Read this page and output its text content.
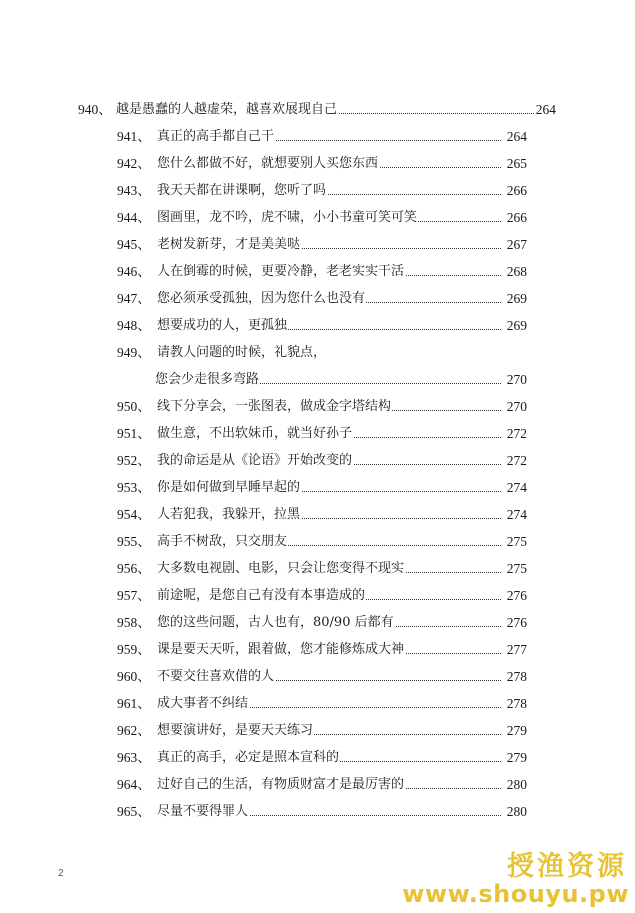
940、 越是愚蠢的人越虚荣，越喜欢展现自己	264
941、 真正的高手都自己干	264
942、 您什么都做不好，就想要别人买您东西	265
943、 我天天都在讲课啊，您听了吗	266
944、 图画里，龙不吟，虎不啸，小小书童可笑可笑	266
945、 老树发新芽，才是美美哒	267
946、 人在倒霉的时候，更要冷静，老老实实干活	268
947、 您必须承受孤独，因为您什么也没有	269
948、 想要成功的人，更孤独	269
949、 请教人问题的时候，礼貌点，
您会少走很多弯路	270
950、 线下分享会，一张图表，做成金字塔结构	270
951、 做生意，不出软妹币，就当好孙子	272
952、 我的命运是从《论语》开始改变的	272
953、 你是如何做到早睡早起的	274
954、 人若犯我，我躲开，拉黑	274
955、 高手不树敌，只交朋友	275
956、 大多数电视剧、电影，只会让您变得不现实	275
957、 前途呢，是您自己有没有本事造成的	276
958、 您的这些问题，古人也有，80/90 后都有	276
959、 课是要天天听，跟着做，您才能修炼成大神	277
960、 不要交往喜欢借的人	278
961、 成大事者不纠结	278
962、 想要演讲好，是要天天练习	279
963、 真正的高手，必定是照本宣科的	279
964、 过好自己的生活，有物质财富才是最厉害的	280
965、 尽量不要得罪人	280
2	授渔资源
www.shouyu.pw
